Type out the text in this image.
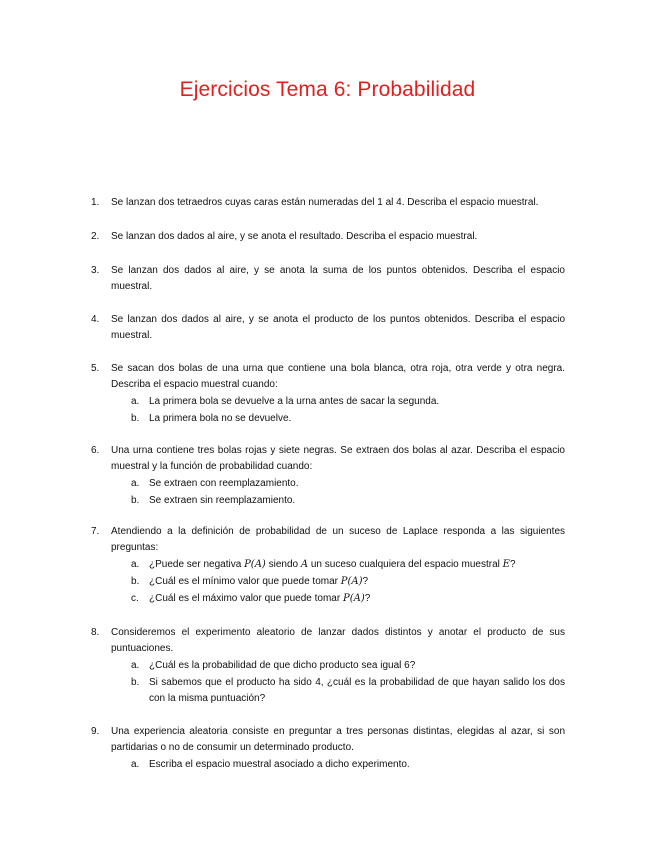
Ejercicios Tema 6: Probabilidad
1.	Se lanzan dos tetraedros cuyas caras están numeradas del 1 al 4. Describa el espacio muestral.

2.	Se lanzan dos dados al aire, y se anota el resultado. Describa el espacio muestral.

3.	Se lanzan dos dados al aire, y se anota la suma de los puntos obtenidos. Describa el espacio muestral.

4.	Se lanzan dos dados al aire, y se anota el producto de los puntos obtenidos. Describa el espacio muestral.

5.	Se sacan dos bolas de una urna que contiene una bola blanca, otra roja, otra verde y otra negra. Describa el espacio muestral cuando:

a. La primera bola se devuelve a la urna antes de sacar la segunda.
b. La primera bola no se devuelve.
6.	Una urna contiene tres bolas rojas y siete negras. Se extraen dos bolas al azar. Describa el espacio muestral y la función de probabilidad cuando:

a. Se extraen con reemplazamiento.
b. Se extraen sin reemplazamiento.
7.	Atendiendo a la definición de probabilidad de un suceso de Laplace responda a las siguientes preguntas:

a. ¿Puede ser negativa P(A) siendo A un suceso cualquiera del espacio muestral E?
b. ¿Cuál es el mínimo valor que puede tomar P(A)?
c.	¿Cuál es el máximo valor que puede tomar P(A)?
8.	Consideremos el experimento aleatorio de lanzar dados distintos y anotar el producto de sus puntuaciones.

a. ¿Cuál es la probabilidad de que dicho producto sea igual 6?
b. Si sabemos que el producto ha sido 4, ¿cuál es la probabilidad de que hayan salido los dos con la misma puntuación?
9.	Una experiencia aleatoria consiste en preguntar a tres personas distintas, elegidas al azar, si son partidarias o no de consumir un determinado producto.

a. Escriba el espacio muestral asociado a dicho experimento.
